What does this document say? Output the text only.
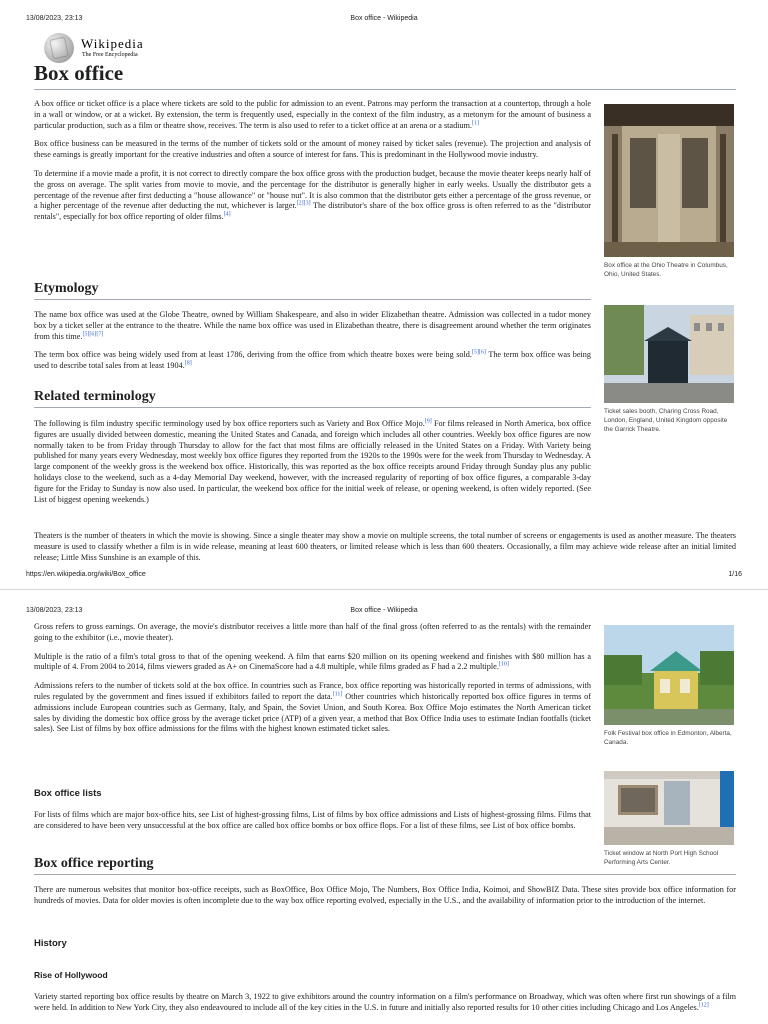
13/08/2023, 23:13	Box office - Wikipedia
Wikipedia
The Free Encyclopedia
Box office

A box office or ticket office is a place where tickets are sold to the public for admission to an event. Patrons may perform the transaction at a countertop, through a hole in a wall or window, or at a wicket. By extension, the term is frequently used, especially in the context of the film industry, as a metonym for the amount of business a particular production, such as a film or theatre show, receives. The term is also used to refer to a ticket office at an arena or a stadium.[1]

Box office business can be measured in the terms of the number of tickets sold or the amount of money raised by ticket sales (revenue). The projection and analysis of these earnings is greatly important for the creative industries and often a source of interest for fans. This is predominant in the Hollywood movie industry.

To determine if a movie made a profit, it is not correct to directly compare the box office gross with the production budget, because the movie theater keeps nearly half of the gross on average. The split varies from movie to movie, and the percentage for the distributor is generally higher in early weeks. Usually the distributor gets a percentage of the revenue after first deducting a "house allowance" or "house nut". It is also common that the distributor gets either a percentage of the gross revenue, or a higher percentage of the revenue after deducting the nut, whichever is larger.[2][3] The distributor's share of the box office gross is often referred to as the "distributor rentals", especially for box office reporting of older films.[4]

Etymology

The name box office was used at the Globe Theatre, owned by William Shakespeare, and also in wider Elizabethan theatre. Admission was collected in a tudor money box by a ticket seller at the entrance to the theatre. While the name box office was used in Elizabethan theatre, there is disagreement around whether the term originates from this time.[5][6][7]

The term box office was being widely used from at least 1786, deriving from the office from which theatre boxes were being sold.[5][6] The term box office was being used to describe total sales from at least 1904.[8]

Related terminology

The following is film industry specific terminology used by box office reporters such as Variety and Box Office Mojo.[9] For films released in North America, box office figures are usually divided between domestic, meaning the United States and Canada, and foreign which includes all other countries. Weekly box office figures are now normally taken to be from Friday through Thursday to allow for the fact that most films are officially released in the United States on a Friday. With Variety being published for many years every Wednesday, most weekly box office figures they reported from the 1920s to the 1990s were for the week from Thursday to Wednesday. A large component of the weekly gross is the weekend box office. Historically, this was reported as the box office receipts around Friday through Sunday plus any public holidays close to the weekend, such as a 4-day Memorial Day weekend, however, with the increased regularity of reporting of box office figures, a comparable 3-day figure for the Friday to Sunday is now also used. In particular, the weekend box office for the initial week of release, or opening weekend, is often widely reported. (See List of biggest opening weekends.)

Theaters is the number of theaters in which the movie is showing. Since a single theater may show a movie on multiple screens, the total number of screens or engagements is used as another measure. The theaters measure is used to classify whether a film is in wide release, meaning at least 600 theaters, or limited release which is less than 600 theaters. Occasionally, a film may achieve wide release after an initial limited release; Little Miss Sunshine is an example of this.

Box office at the Ohio Theatre in Columbus, Ohio, United States.
Ticket sales booth, Charing Cross Road, London, England, United Kingdom opposite the Garrick Theatre.
https://en.wikipedia.org/wiki/Box_office	1/16
13/08/2023, 23:13	Box office - Wikipedia

Gross refers to gross earnings. On average, the movie's distributor receives a little more than half of the final gross (often referred to as the rentals) with the remainder going to the exhibitor (i.e., movie theater).

Multiple is the ratio of a film's total gross to that of the opening weekend. A film that earns $20 million on its opening weekend and finishes with $80 million has a multiple of 4. From 2004 to 2014, films viewers graded as A+ on CinemaScore had a 4.8 multiple, while films graded as F had a 2.2 multiple.[10]

Admissions refers to the number of tickets sold at the box office. In countries such as France, box office reporting was historically reported in terms of admissions, with rules regulated by the government and fines issued if exhibitors failed to report the data.[11] Other countries which historically reported box office figures in terms of admissions include European countries such as Germany, Italy, and Spain, the Soviet Union, and South Korea. Box Office Mojo estimates the North American ticket sales by dividing the domestic box office gross by the average ticket price (ATP) of a given year, a method that Box Office India uses to estimate Indian footfalls (ticket sales). See List of films by box office admissions for the films with the highest known estimated ticket sales.

Box office lists

For lists of films which are major box-office hits, see List of highest-grossing films, List of films by box office admissions and Lists of highest-grossing films. Films that are considered to have been very unsuccessful at the box office are called box office bombs or box office flops. For a list of these films, see List of box office bombs.

Box office reporting

There are numerous websites that monitor box-office receipts, such as BoxOffice, Box Office Mojo, The Numbers, Box Office India, Koimoi, and ShowBIZ Data. These sites provide box office information for hundreds of movies. Data for older movies is often incomplete due to the way box office reporting evolved, especially in the U.S., and the availability of information prior to the introduction of the internet.

History
Rise of Hollywood

Variety started reporting box office results by theatre on March 3, 1922 to give exhibitors around the country information on a film's performance on Broadway, which was often where first run showings of a film were held. In addition to New York City, they also endeavoured to include all of the key cities in the U.S. in future and initially also reported results for 10 other cities including Chicago and Los Angeles.[12]

Folk Festival box office in Edmonton, Alberta, Canada.
Ticket window at North Port High School Performing Arts Center.
